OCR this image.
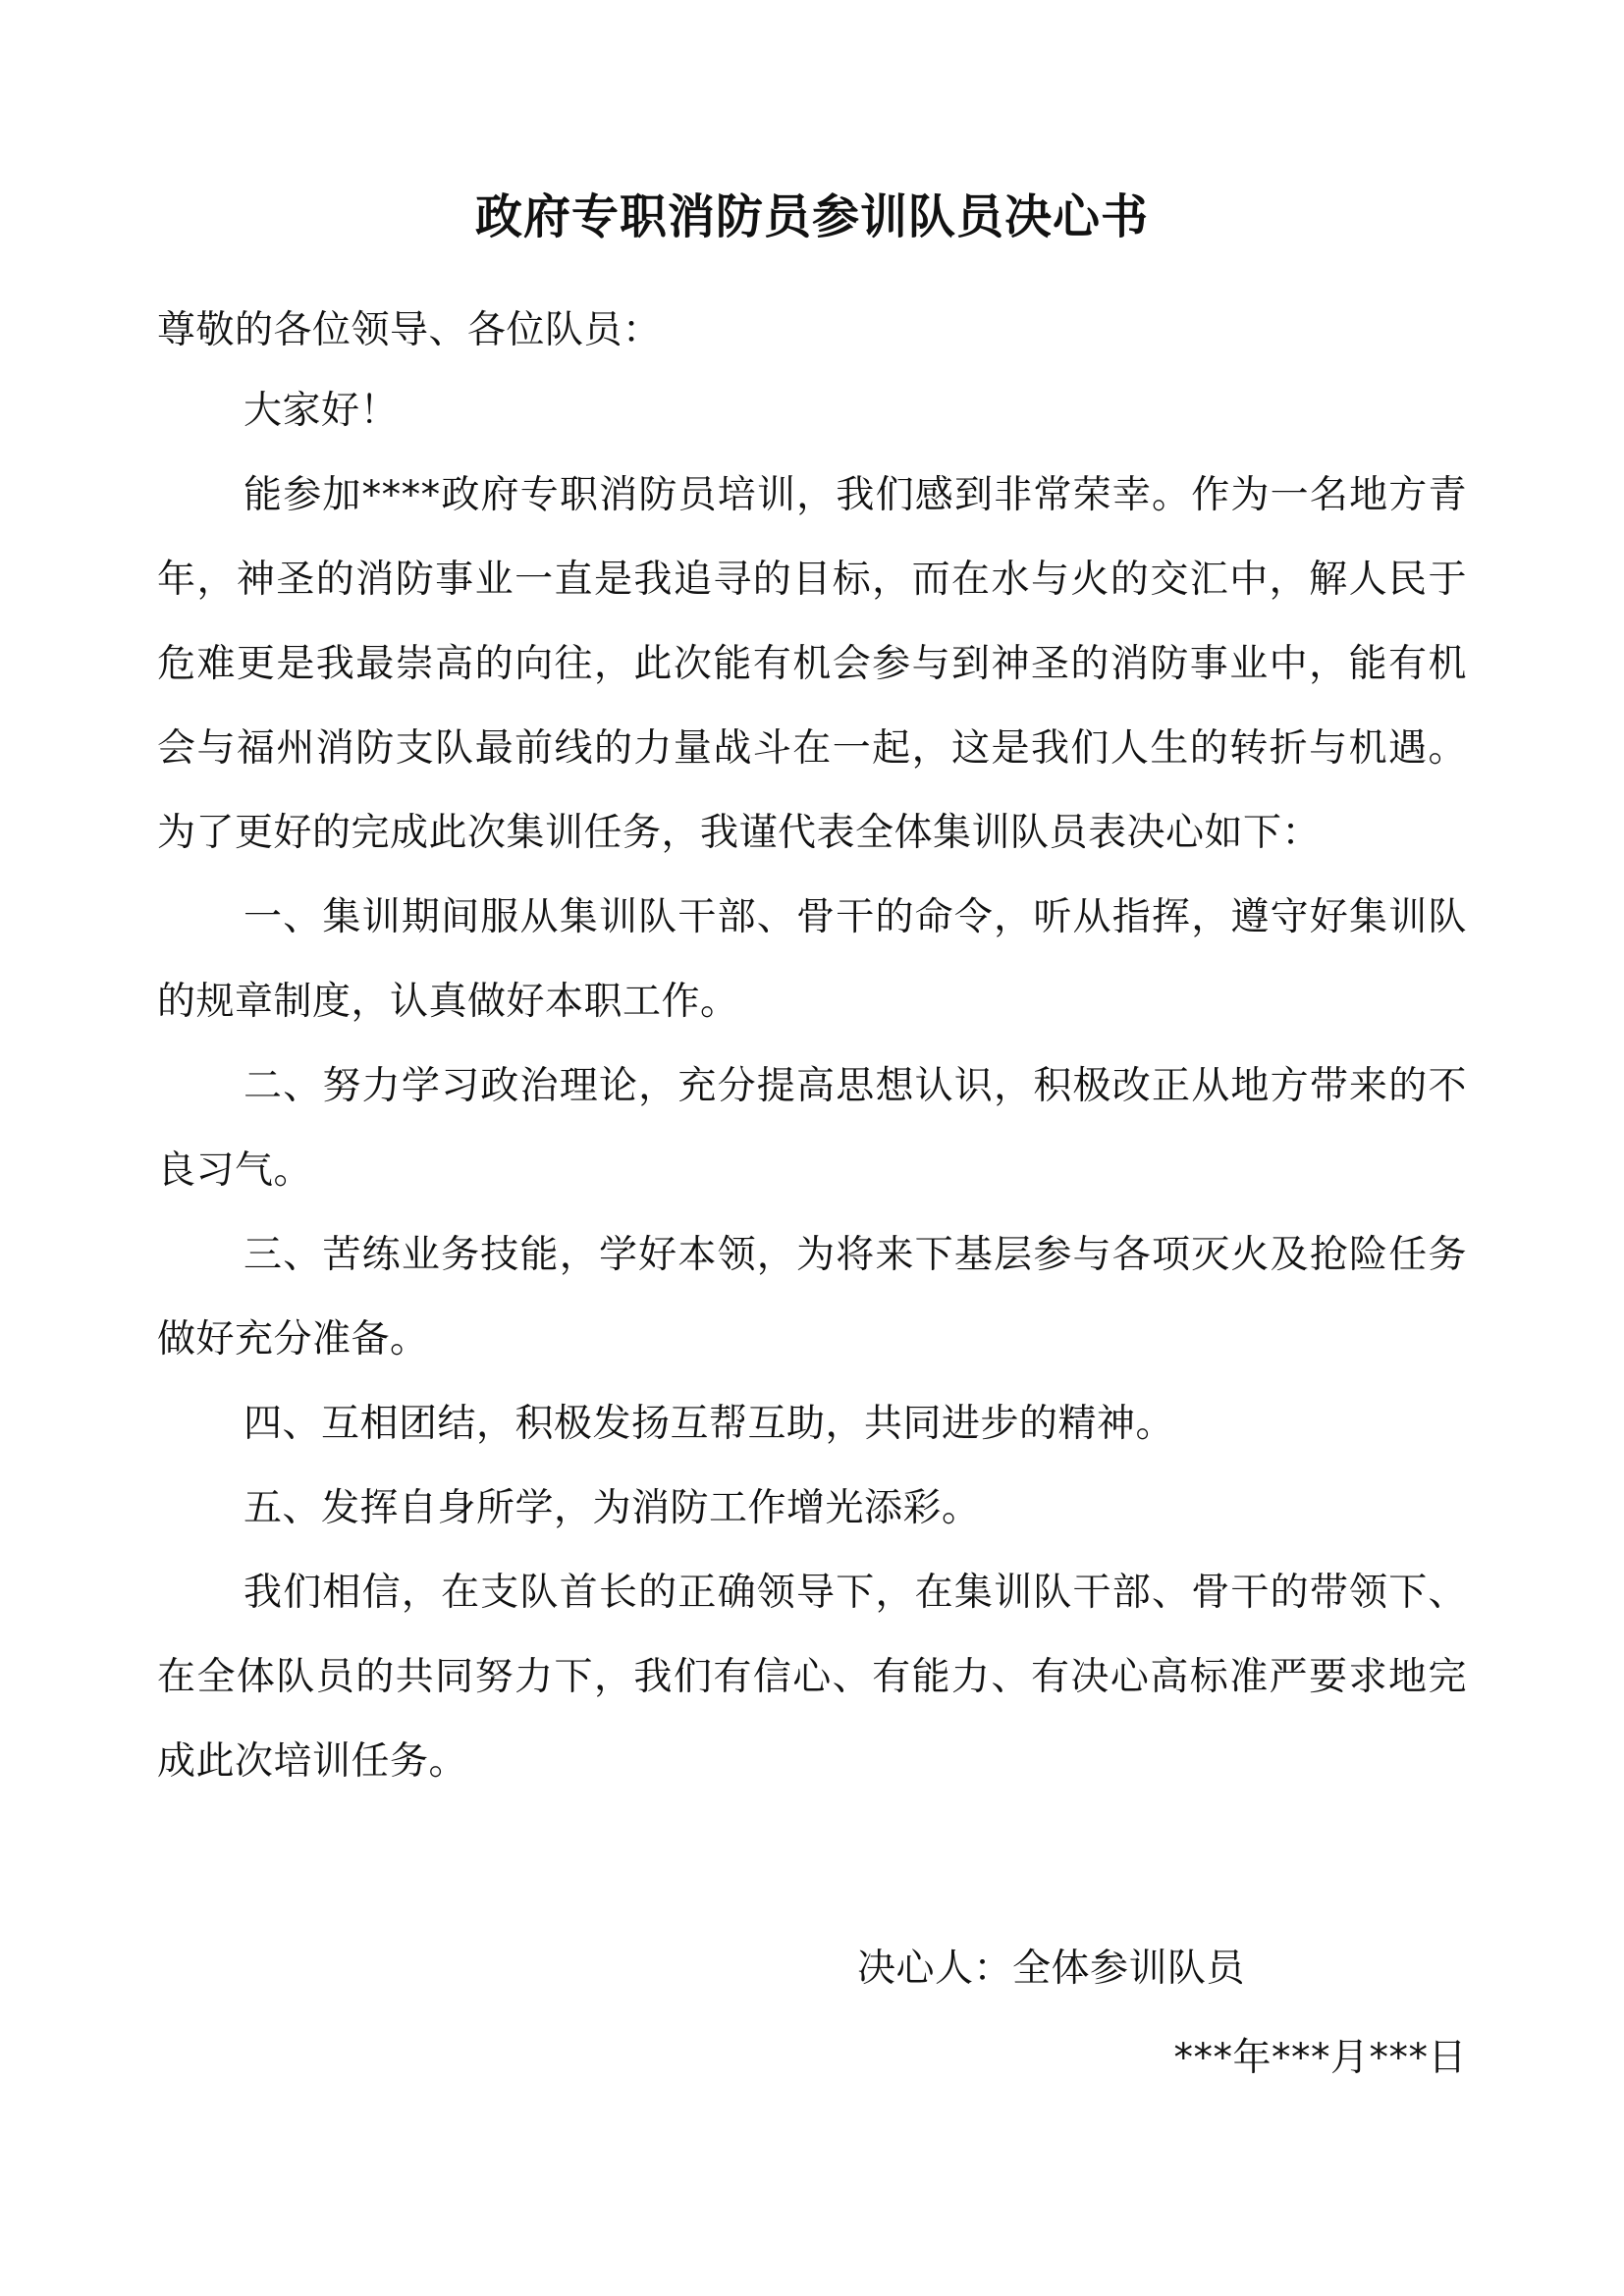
政府专职消防员参训队员决心书

尊敬的各位领导、各位队员：

大家好！

能参加****政府专职消防员培训，我们感到非常荣幸。作为一名地方青年，神圣的消防事业一直是我追寻的目标，而在水与火的交汇中，解人民于危难更是我最崇高的向往，此次能有机会参与到神圣的消防事业中，能有机会与福州消防支队最前线的力量战斗在一起，这是我们人生的转折与机遇。为了更好的完成此次集训任务，我谨代表全体集训队员表决心如下：

一、集训期间服从集训队干部、骨干的命令，听从指挥，遵守好集训队的规章制度，认真做好本职工作。

二、努力学习政治理论，充分提高思想认识，积极改正从地方带来的不良习气。

三、苦练业务技能，学好本领，为将来下基层参与各项灭火及抢险任务做好充分准备。

四、互相团结，积极发扬互帮互助，共同进步的精神。

五、发挥自身所学，为消防工作增光添彩。

我们相信，在支队首长的正确领导下，在集训队干部、骨干的带领下、在全体队员的共同努力下，我们有信心、有能力、有决心高标准严要求地完成此次培训任务。

决心人：全体参训队员
***年***月***日
